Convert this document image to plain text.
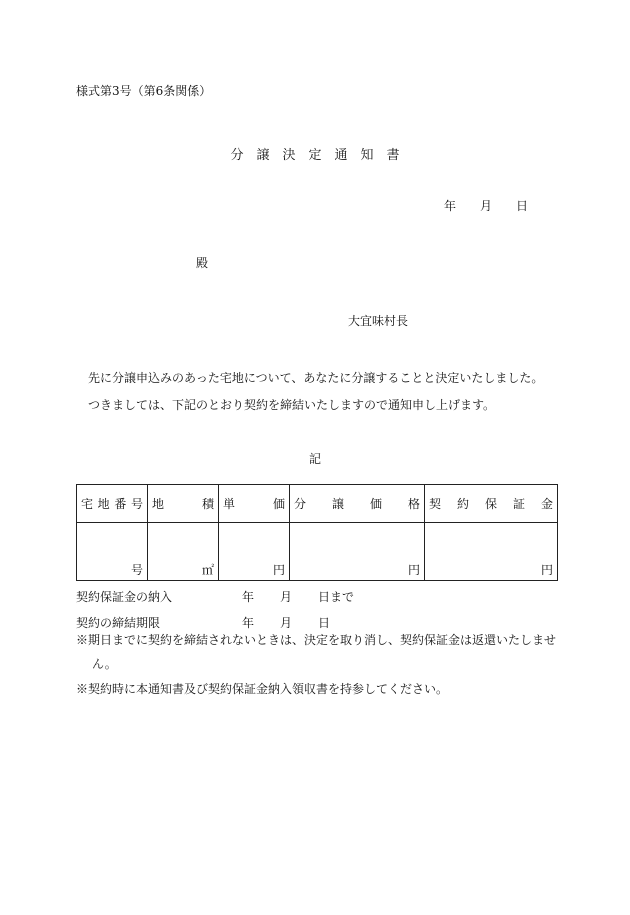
様式第3号（第6条関係）
分 譲 決 定 通 知 書
年 月 日
殿
大宜味村長
先に分譲申込みのあった宅地について、あなたに分譲することと決定いたしました。
つきましては、下記のとおり契約を締結いたしますので通知申し上げます。
記
宅 地 番 号	地 積	単 価	分 譲 価 格	契 約 保 証 金

号	㎡	円	円	円
契約保証金の納入	年 月 日まで
契約の締結期限	年 月 日
※期日までに契約を締結されないときは、決定を取り消し、契約保証金は返還いたしませ
ん。
※契約時に本通知書及び契約保証金納入領収書を持参してください。
